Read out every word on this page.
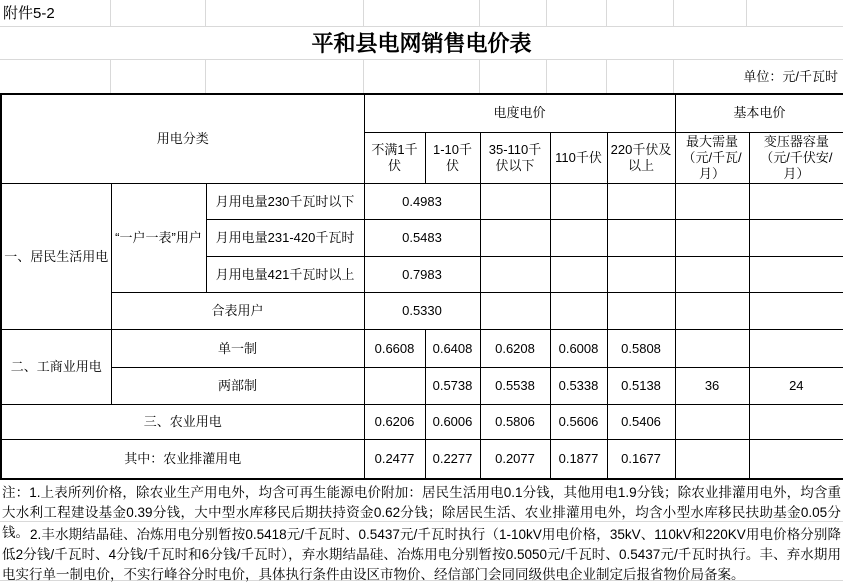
附件5-2
平和县电网销售电价表
单位：元/千瓦时
用电分类			电度电价					基本电价	
			不满1千伏	1-10千伏	35-110千伏以下	110千伏	220千伏及以上	最大需量（元/千瓦/月）	变压器容量（元/千伏安/月）
一、居民生活用电	“一户一表”用户	月用电量230千瓦时以下	0.4983						
		月用电量231-420千瓦时	0.5483						
		月用电量421千瓦时以上	0.7983						
	合表用户		0.5330						
二、工商业用电	单一制		0.6608	0.6408	0.6208	0.6008	0.5808		
	两部制			0.5738	0.5538	0.5338	0.5138	36	24
三、农业用电			0.6206	0.6006	0.5806	0.5606	0.5406		
其中：农业排灌用电			0.2477	0.2277	0.2077	0.1877	0.1677		
注：1.上表所列价格，除农业生产用电外，均含可再生能源电价附加：居民生活用电0.1分钱，其他用电1.9分钱；除农业排灌用电外，均含重大水利工程建设基金0.39分钱，大中型水库移民后期扶持资金0.62分钱；除居民生活、农业排灌用电外，均含小型水库移民扶助基金0.05分钱。 2.丰水期结晶硅、冶炼用电分别暂按0.5418元/千瓦时、0.5437元/千瓦时执行（1-10kV用电价格，35kV、110kV和220KV用电价格分别降低2分钱/千瓦时、4分钱/千瓦时和6分钱/千瓦时），弃水期结晶硅、冶炼用电分别暂按0.5050元/千瓦时、0.5437元/千瓦时执行。丰、弃水期用电实行单一制电价，不实行峰谷分时电价，具体执行条件由设区市物价、经信部门会同同级供电企业制定后报省物价局备案。
